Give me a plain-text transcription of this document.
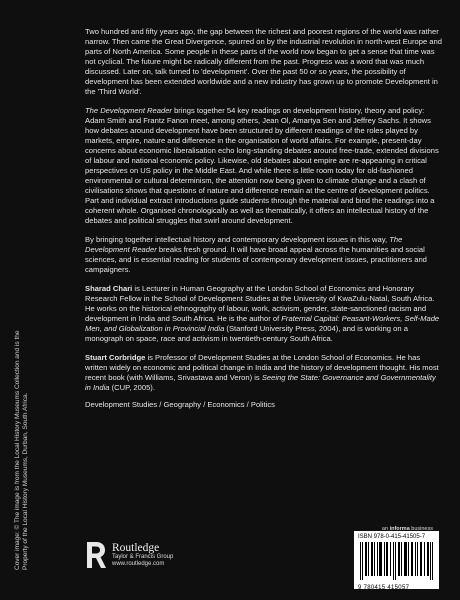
Cover image: © The image is from the Local History Museums Collection and is the Property of the Local History Museums, Durban, South Africa.

Two hundred and fifty years ago, the gap between the richest and poorest regions of the world was rather narrow. Then came the Great Divergence, spurred on by the industrial revolution in north-west Europe and parts of North America. Some people in these parts of the world now began to get a sense that time was not cyclical. The future might be radically different from the past. Progress was a word that was much discussed. Later on, talk turned to 'development'. Over the past 50 or so years, the possibility of development has been extended worldwide and a new industry has grown up to promote Development in the 'Third World'.

The Development Reader brings together 54 key readings on development history, theory and policy: Adam Smith and Frantz Fanon meet, among others, Jean Ol, Amartya Sen and Jeffrey Sachs. It shows how debates around development have been structured by different readings of the roles played by markets, empire, nature and difference in the organisation of world affairs. For example, present-day concerns about economic liberalisation echo long-standing debates around free-trade, extended divisions of labour and national economic policy. Likewise, old debates about empire are re-appearing in critical perspectives on US policy in the Middle East. And while there is little room today for old-fashioned environmental or cultural determinism, the attention now being given to climate change and a clash of civilisations shows that questions of nature and difference remain at the centre of development politics. Part and individual extract introductions guide students through the material and bind the readings into a coherent whole. Organised chronologically as well as thematically, it offers an intellectual history of the debates and political struggles that swirl around development.

By bringing together intellectual history and contemporary development issues in this way, The Development Reader breaks fresh ground. It will have broad appeal across the humanities and social sciences, and is essential reading for students of contemporary development issues, practitioners and campaigners.

Sharad Chari is Lecturer in Human Geography at the London School of Economics and Honorary Research Fellow in the School of Development Studies at the University of KwaZulu-Natal, South Africa. He works on the historical ethnography of labour, work, activism, gender, state-sanctioned racism and development in India and South Africa. He is the author of Fraternal Capital: Peasant-Workers, Self-Made Men, and Globalization in Provincial India (Stanford University Press, 2004), and is working on a monograph on space, race and activism in twentieth-century South Africa.

Stuart Corbridge is Professor of Development Studies at the London School of Economics. He has written widely on economic and political change in India and the history of development thought. His most recent book (with Williams, Srivastava and Veron) is Seeing the State: Governance and Governmentality in India (CUP, 2005).

Development Studies / Geography / Economics / Politics
Routledge
Taylor & Francis Group
www.routledge.com
an informa business
ISBN 978-0-415-41505-7
9 780415 415057
